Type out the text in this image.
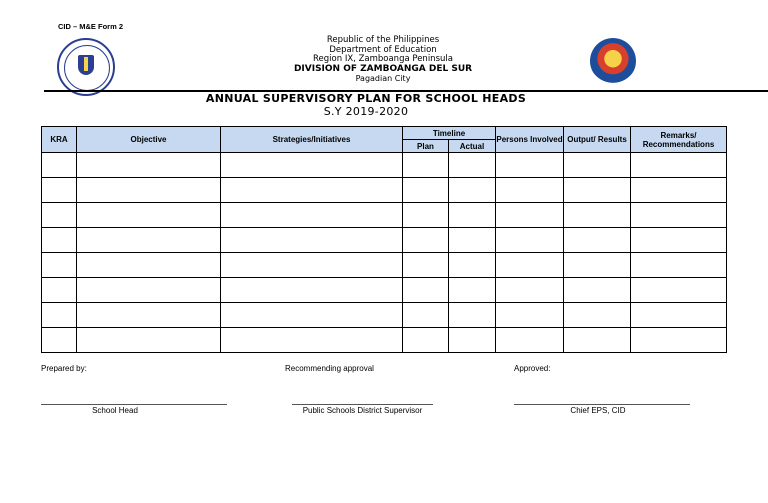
CID – M&E Form 2
Republic of the Philippines
Department of Education
Region IX, Zamboanga Peninsula
DIVISION OF ZAMBOANGA DEL SUR
Pagadian City
ANNUAL SUPERVISORY PLAN FOR SCHOOL HEADS
S.Y 2019-2020
KRA	Objective	Strategies/Initiatives	Timeline		Persons Involved	Output/ Results	Remarks/ Recommendations
			Plan	Actual			

Prepared by:	Recommending approval	Approved:
School Head	Public Schools District Supervisor	Chief EPS, CID
